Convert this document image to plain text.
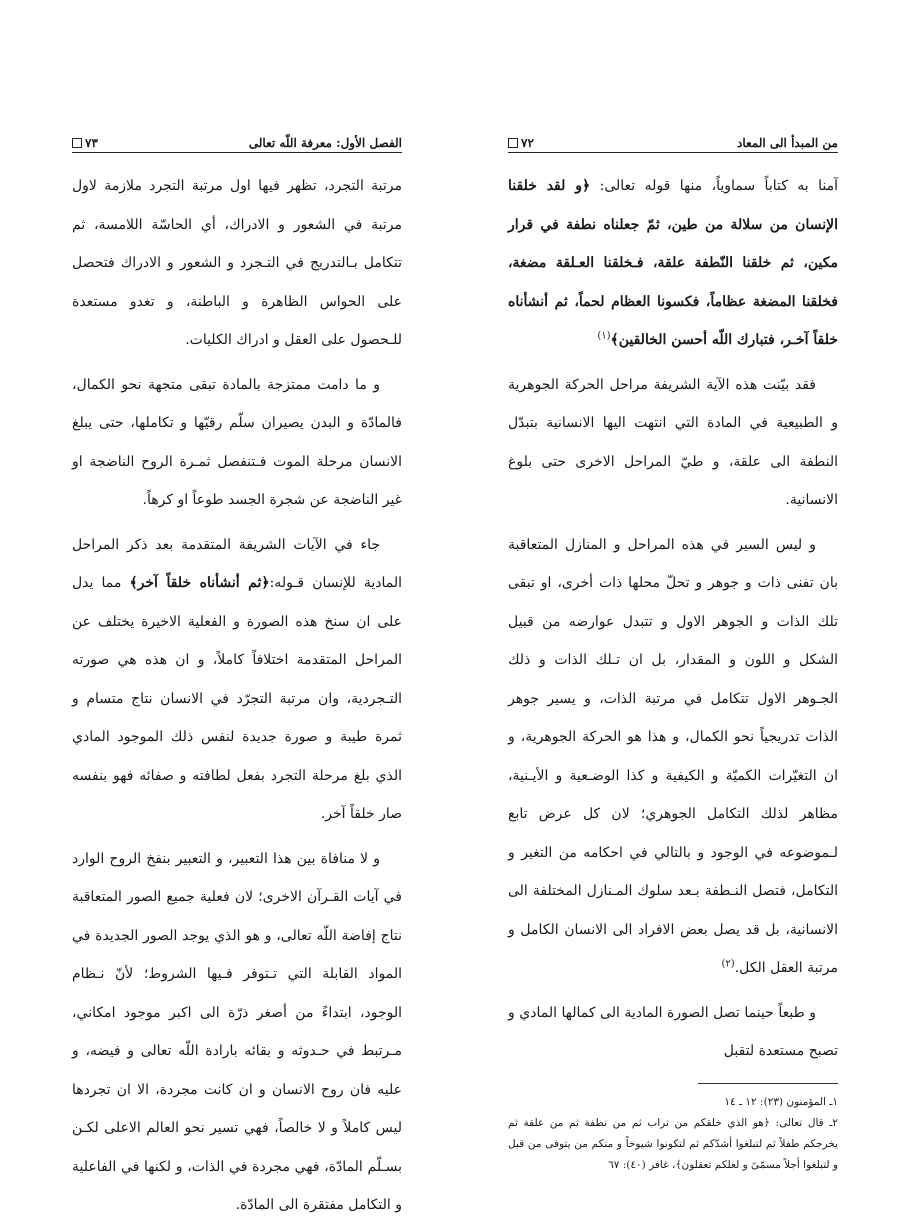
الفصل الأول: معرفة اللّه تعالى
٧٣

مرتبة التجرد، تظهر فيها اول مرتبة التجرد ملازمة لاول مرتبة في الشعور و الادراك، أي الحاسّة اللامسة، ثم تتكامل بـالتدريج في التـجرد و الشعور و الادراك فتحصل على الحواس الظاهرة و الباطنة، و تغدو مستعدة للـحصول على العقل و ادراك الكليات.

و ما دامت ممتزجة بالمادة تبقى متجهة نحو الكمال، فالمادّة و البدن يصيران سلّم رقيّها و تكاملها، حتى يبلغ الانسان مرحلة الموت فـتنفصل ثمـرة الروح الناضجة او غير الناضجة عن شجرة الجسد طوعاً او كرهاً.

جاء في الآيات الشريفة المتقدمة بعد ذكر المراحل المادية للإنسان قـوله:﴿ثم أنشأناه خلقاً آخر﴾ مما يدل على ان سنخ هذه الصورة و الفعلية الاخيرة يختلف عن المراحل المتقدمة اختلافاً كاملاً، و ان هذه هي صورته التـجردية، وان مرتبة التجرّد في الانسان نتاج متسام و ثمرة طيبة و صورة جديدة لنفس ذلك الموجود المادي الذي بلغ مرحلة التجرد بفعل لطافته و صفائه فهو بنفسه صار خلقاً آخر.

و لا منافاة بين هذا التعبير، و التعبير بنفخ الروح الوارد في آيات القـرآن الاخرى؛ لان فعلية جميع الصور المتعاقبة نتاج إفاضة اللّه تعالى، و هو الذي يوجد الصور الجديدة في المواد القابلة التي تـتوفر فـيها الشروط؛ لأنّ نـظام الوجود، ابتداءً من أصغر ذرّة الى اكبر موجود امكاني، مـرتبط في حـدوثه و بقائه بارادة اللّه تعالى و فيضه، و عليه فان روح الانسان و ان كانت مجردة، الا ان تجردها ليس كاملاً و لا خالصاً، فهي تسير نحو العالم الاعلى لكـن بسـلّم المادّة، فهي مجردة في الذات، و لكنها في الفاعلية و التكامل مفتقرة الى المادّة.

من المبدأ الى المعاد
٧٢

آمنا به كتاباً سماوياً، منها قوله تعالى: ﴿و لقد خلقنا الإنسان من سلالة من طين، ثمّ جعلناه نطفة في قرار مكين، ثم خلقنا النّطفة علقة، فـخلقنا العـلقة مضغة، فخلقنا المضغة عظاماً، فكسونا العظام لحماً، ثم أنشأناه خلقاً آخـر، فتبارك اللّه أحسن الخالقين﴾$^{(١)}$

فقد بيّنت هذه الآية الشريفة مراحل الحركة الجوهرية و الطبيعية في المادة التي انتهت اليها الانسانية بتبدّل النطفة الى علقة، و طيّ المراحل الاخرى حتى بلوغ الانسانية.

و ليس السير في هذه المراحل و المنازل المتعاقبة بان تفنى ذات و جوهر و تحلّ محلها ذات أخرى، او تبقى تلك الذات و الجوهر الاول و تتبدل عوارضه من قبيل الشكل و اللون و المقدار، بل ان تـلك الذات و ذلك الجـوهر الاول تتكامل في مرتبة الذات، و يسير جوهر الذات تدريجياً نحو الكمال، و هذا هو الحركة الجوهرية، و ان التغيّرات الكميّة و الكيفية و كذا الوضـعية و الأيـنية، مظاهر لذلك التكامل الجوهري؛ لان كل عرض تابع لـموضوعه في الوجود و بالتالي في احكامه من التغير و التكامل، فتصل النـطفة بـعد سلوك المـنازل المختلفة الى الانسانية، بل قد يصل بعض الافراد الى الانسان الكامل و مرتبة العقل الكل.$^{(٢)}$

و طبعاً حينما تصل الصورة المادية الى كمالها المادي و تصبح مستعدة لتقبل

١ـ المؤمنون (٢٣): ١٢ ـ ١٤

٢ـ قال تعالى: ﴿هو الذي خلقكم من تراب ثم من نطفة ثم من علقة ثم يخرجكم طفلاً ثم لتبلغوا أشدّكم ثم لتكونوا شيوخاً و منكم من يتوفى من قبل و لتبلغوا أجلاً مسمّىً و لعلكم تعقلون﴾، غافر (٤٠): ٦٧
